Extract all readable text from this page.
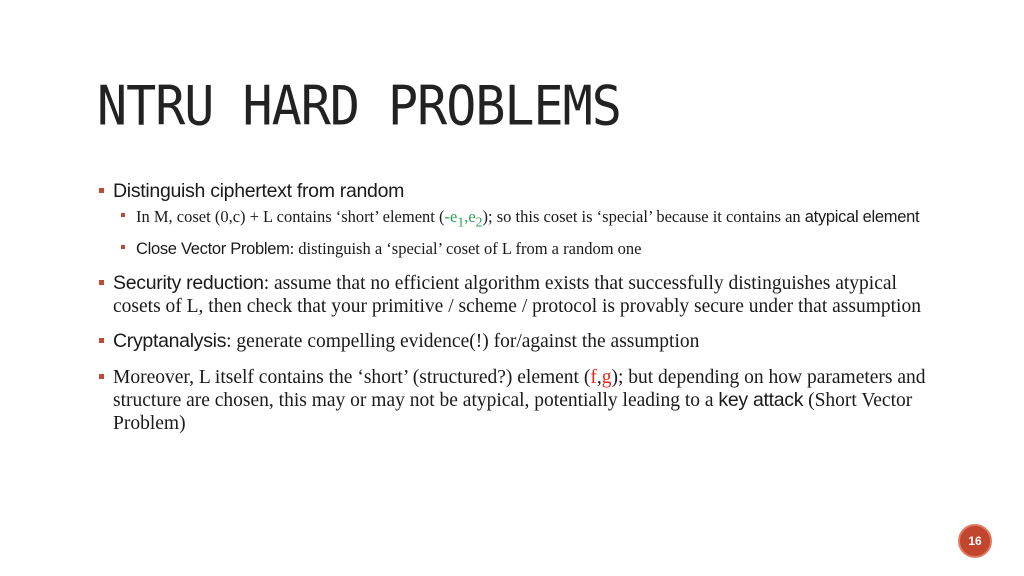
NTRU HARD PROBLEMS
Distinguish ciphertext from random
In M, coset (0,c) + L contains ‘short’ element $(-e_1,e_2)$; so this coset is ‘special’ because it contains an atypical element
Close Vector Problem: distinguish a ‘special’ coset of L from a random one
Security reduction: assume that no efficient algorithm exists that successfully distinguishes atypical cosets of L, then check that your primitive / scheme / protocol is provably secure under that assumption
Cryptanalysis: generate compelling evidence(!) for/against the assumption
Moreover, L itself contains the ‘short’ (structured?) element (f,g); but depending on how parameters and structure are chosen, this may or may not be atypical, potentially leading to a key attack (Short Vector Problem)
16
